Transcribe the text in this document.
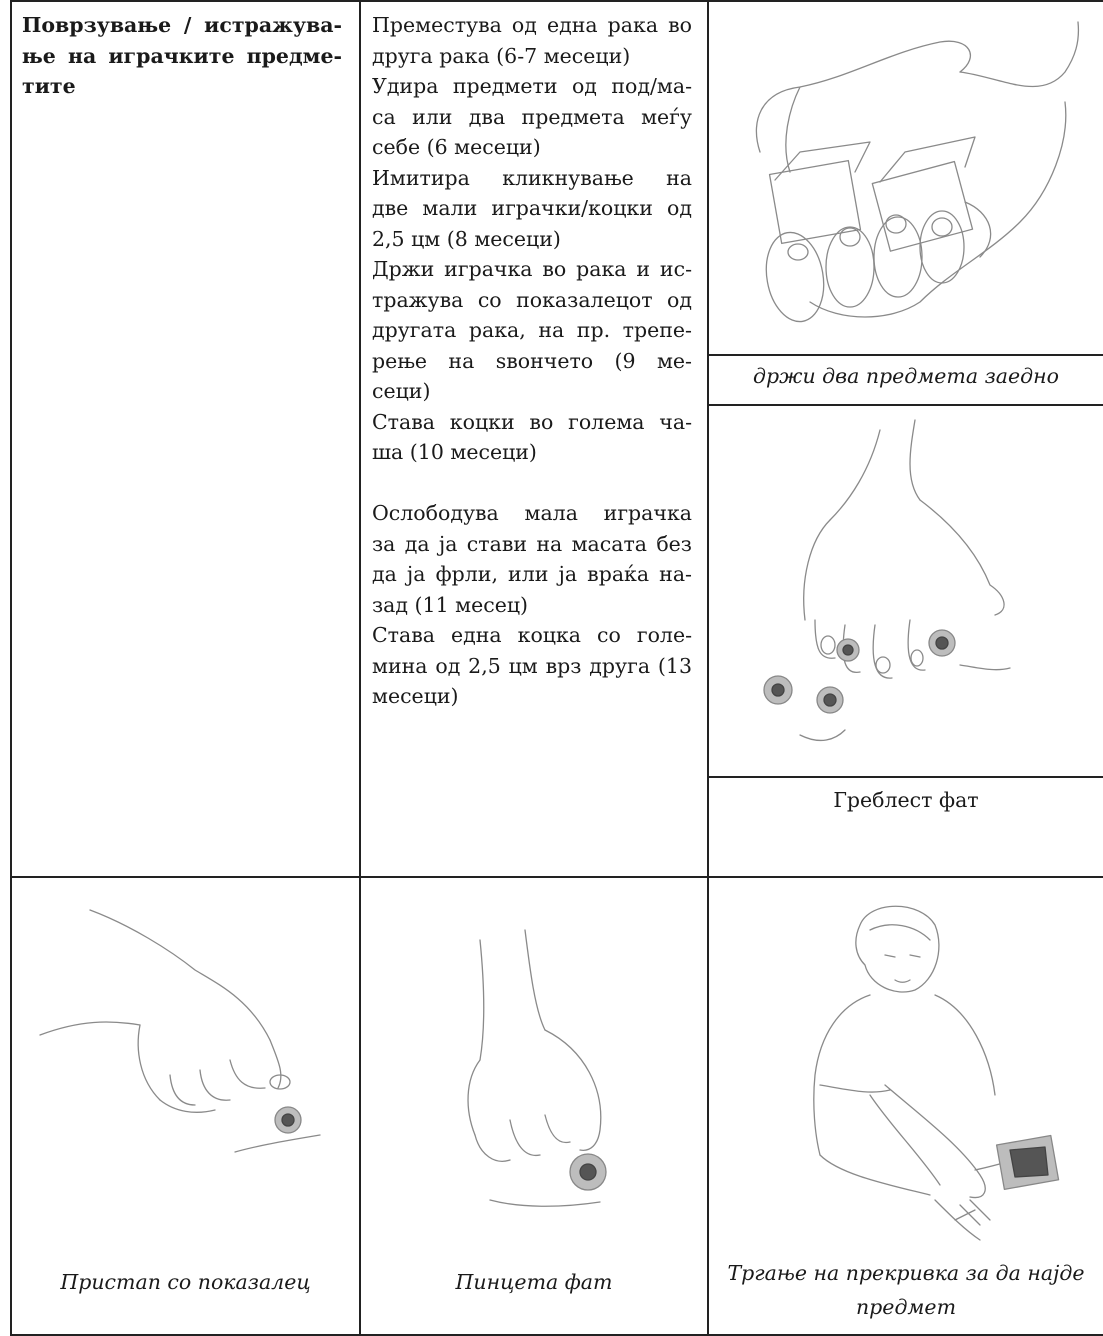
Поврзување / истражува-
ње на играчките предме-
тите
Преместува од една рака во
друга рака (6-7 месеци)
Удира предмети од под/ма-
са или два предмета меѓу
себе (6 месеци)
Имитира кликнување на
две мали играчки/коцки од
2,5 цм (8 месеци)
Држи играчка во рака и ис-
тражува со показалецот од
другата рака, на пр. трепе-
рење на ѕвончето (9 ме-
сеци)
Става коцки во голема ча-
ша (10 месеци)
Ослободува мала играчка
за да ја стави на масата без
да ја фрли, или ја враќа на-
зад (11 месец)
Става една коцка со голе-
мина од 2,5 цм врз друга (13
месеци)
држи два предмета заедно
Греблест фат
Пристап со показалец	Пинцета фат	Тргање на прекривка за да најде
предмет
